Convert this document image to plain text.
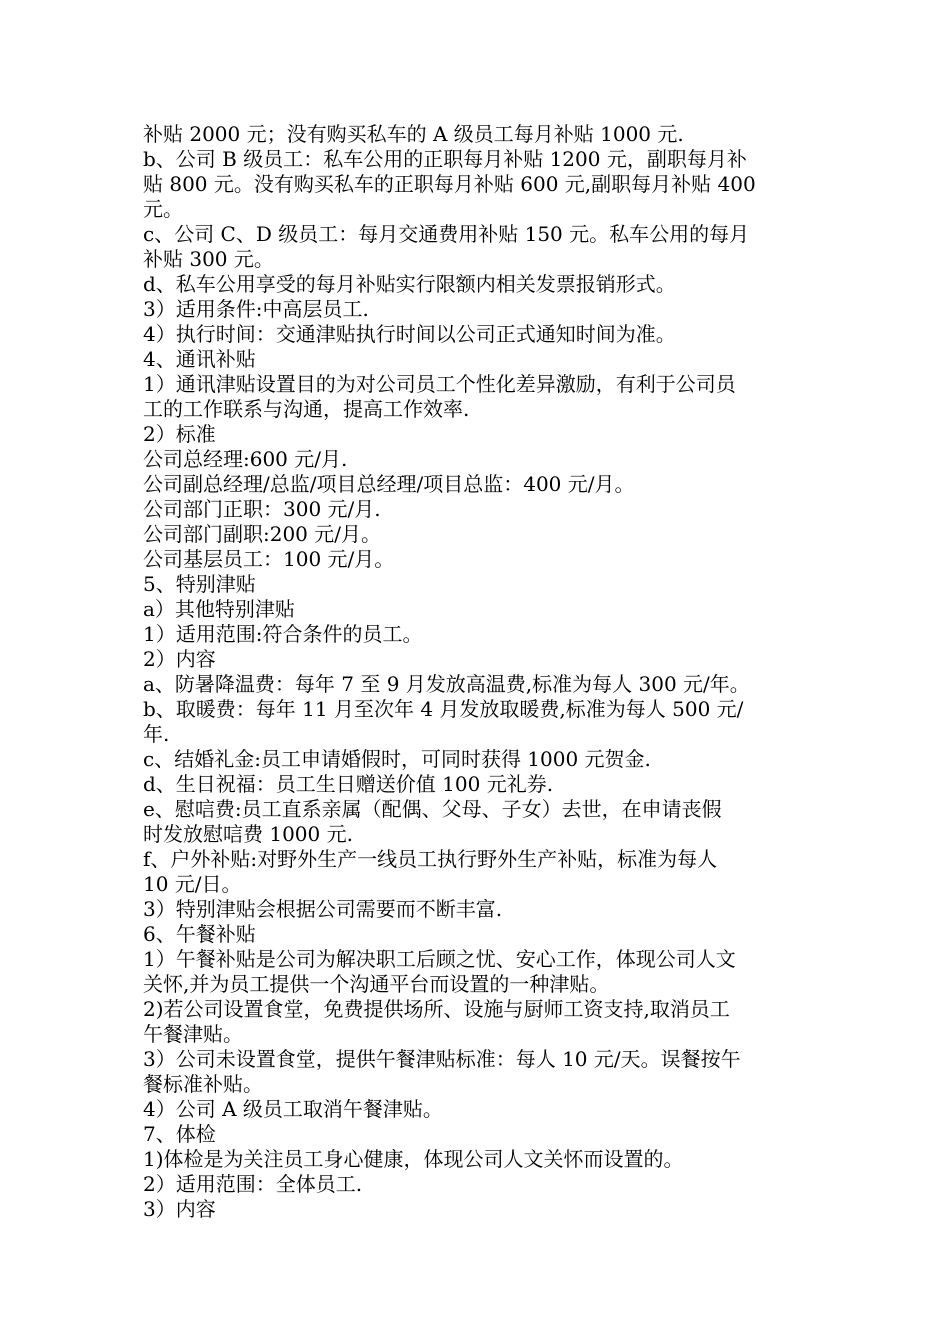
补贴 2000 元；没有购买私车的 A 级员工每月补贴 1000 元.
b、公司 B 级员工：私车公用的正职每月补贴 1200 元，副职每月补
贴 800 元。没有购买私车的正职每月补贴 600 元,副职每月补贴 400
元。
c、公司 C、D 级员工：每月交通费用补贴 150 元。私车公用的每月
补贴 300 元。
d、私车公用享受的每月补贴实行限额内相关发票报销形式。
3）适用条件:中高层员工.
4）执行时间：交通津贴执行时间以公司正式通知时间为准。
4、通讯补贴
1）通讯津贴设置目的为对公司员工个性化差异激励，有利于公司员
工的工作联系与沟通，提高工作效率.
2）标准
公司总经理:600 元/月.
公司副总经理/总监/项目总经理/项目总监：400 元/月。
公司部门正职：300 元/月.
公司部门副职:200 元/月。
公司基层员工：100 元/月。
5、特别津贴
a）其他特别津贴
1）适用范围:符合条件的员工。
2）内容
a、防暑降温费：每年 7 至 9 月发放高温费,标准为每人 300 元/年。
b、取暖费：每年 11 月至次年 4 月发放取暖费,标准为每人 500 元/
年.
c、结婚礼金:员工申请婚假时，可同时获得 1000 元贺金.
d、生日祝福：员工生日赠送价值 100 元礼券.
e、慰唁费:员工直系亲属（配偶、父母、子女）去世，在申请丧假
时发放慰唁费 1000 元.
f、户外补贴:对野外生产一线员工执行野外生产补贴，标准为每人
10 元/日。
3）特别津贴会根据公司需要而不断丰富.
6、午餐补贴
1）午餐补贴是公司为解决职工后顾之忧、安心工作，体现公司人文
关怀,并为员工提供一个沟通平台而设置的一种津贴。
2)若公司设置食堂，免费提供场所、设施与厨师工资支持,取消员工
午餐津贴。
3）公司未设置食堂，提供午餐津贴标准：每人 10 元/天。误餐按午
餐标准补贴。
4）公司 A 级员工取消午餐津贴。
7、体检
1)体检是为关注员工身心健康，体现公司人文关怀而设置的。
2）适用范围：全体员工.
3）内容
